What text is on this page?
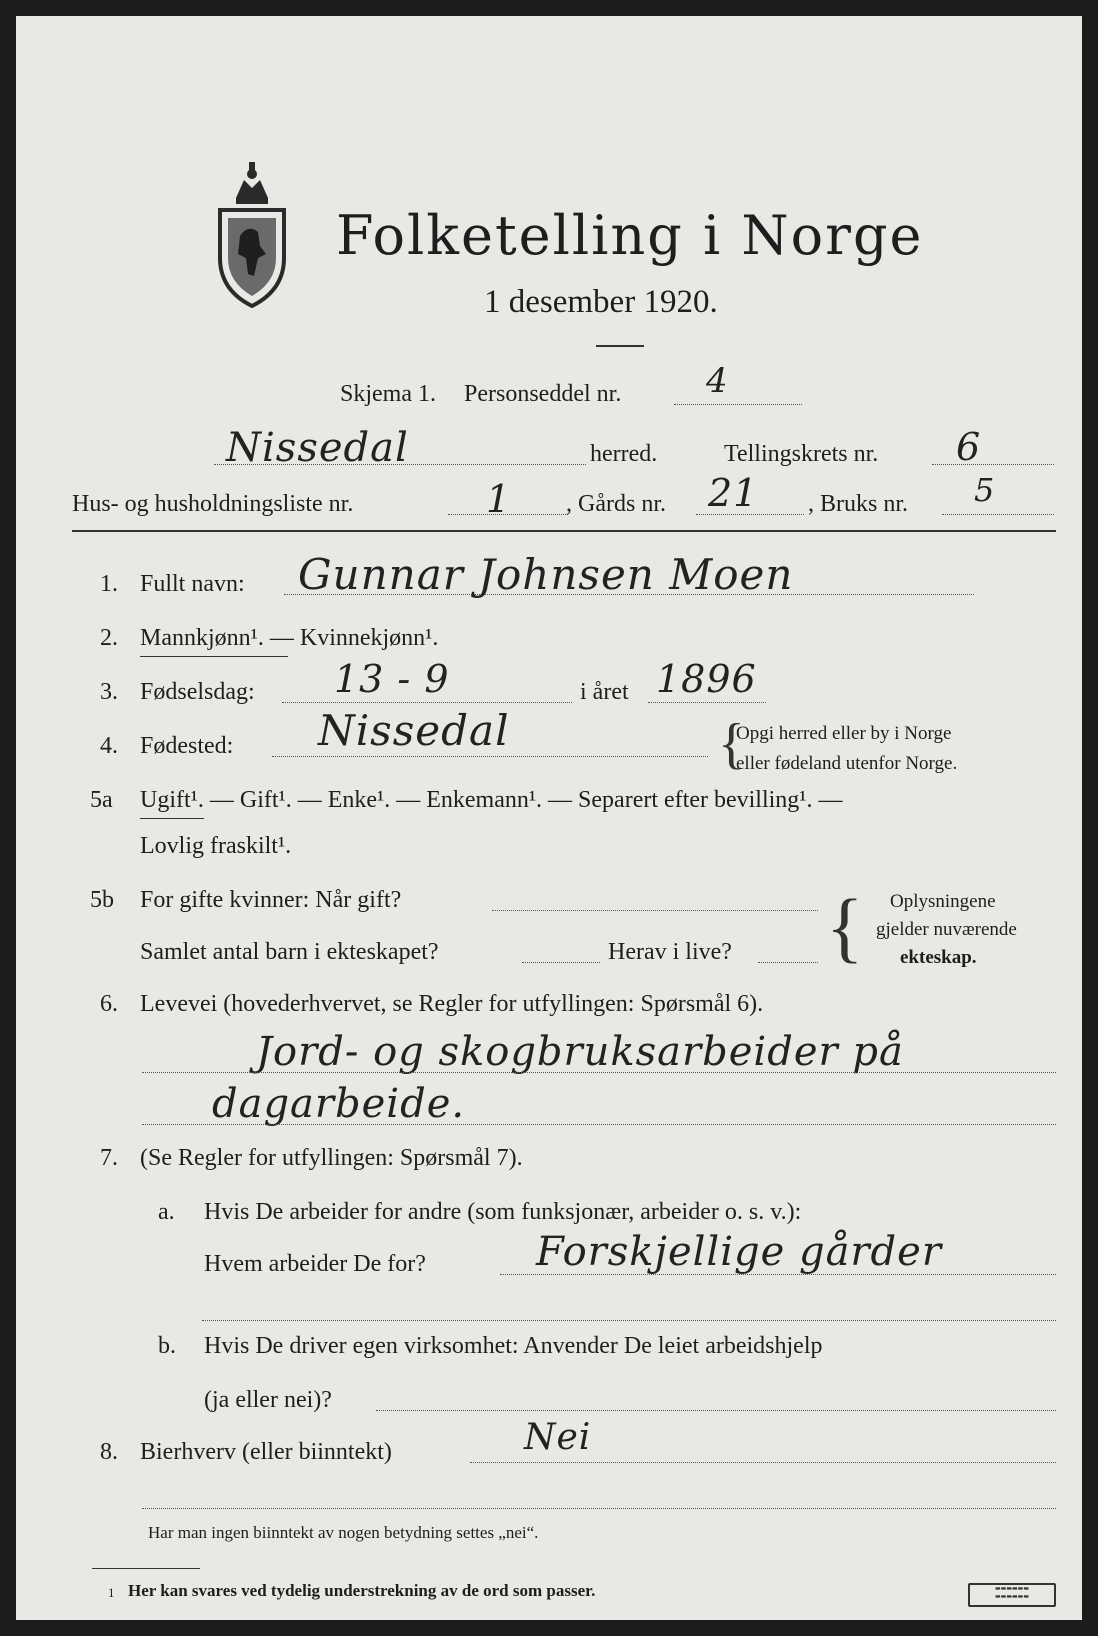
Folketelling i Norge
1 desember 1920.
Skjema 1. Personseddel nr. 4
Nissedal	herred.	Tellingskrets nr. 6
Hus- og husholdningsliste nr.	1 , Gårds nr. 21 , Bruks nr. 5
1. Fullt navn: Gunnar Johnsen Moen
2. Mannkjønn¹. — Kvinnekjønn¹.
3. Fødselsdag: 13 - 9	i året 1896
4. Fødested: Nissedal	{
Opgi herred eller by i Norge
eller fødeland utenfor Norge.
5a Ugift¹. — Gift¹. — Enke¹. — Enkemann¹. — Separert efter bevilling¹. —
Lovlig fraskilt¹.
5b For gifte kvinner: Når gift?
Samlet antal barn i ekteskapet?	Herav i live? { Oplysningene
gjelder nuværende
ekteskap.
6. Levevei (hovederhvervet, se Regler for utfyllingen: Spørsmål 6).
Jord- og skogbruksarbeider på
dagarbeide.
7. (Se Regler for utfyllingen: Spørsmål 7).
a. Hvis De arbeider for andre (som funksjonær, arbeider o. s. v.):
Hvem arbeider De for?	Forskjellige gårder
b. Hvis De driver egen virksomhet: Anvender De leiet arbeidshjelp
(ja eller nei)?
8. Bierhverv (eller biinntekt)	Nei
Har man ingen biinntekt av nogen betydning settes „nei“.
1 Her kan svares ved tydelig understrekning av de ord som passer.	▬▬▬▬▬▬
▬▬▬▬▬▬
